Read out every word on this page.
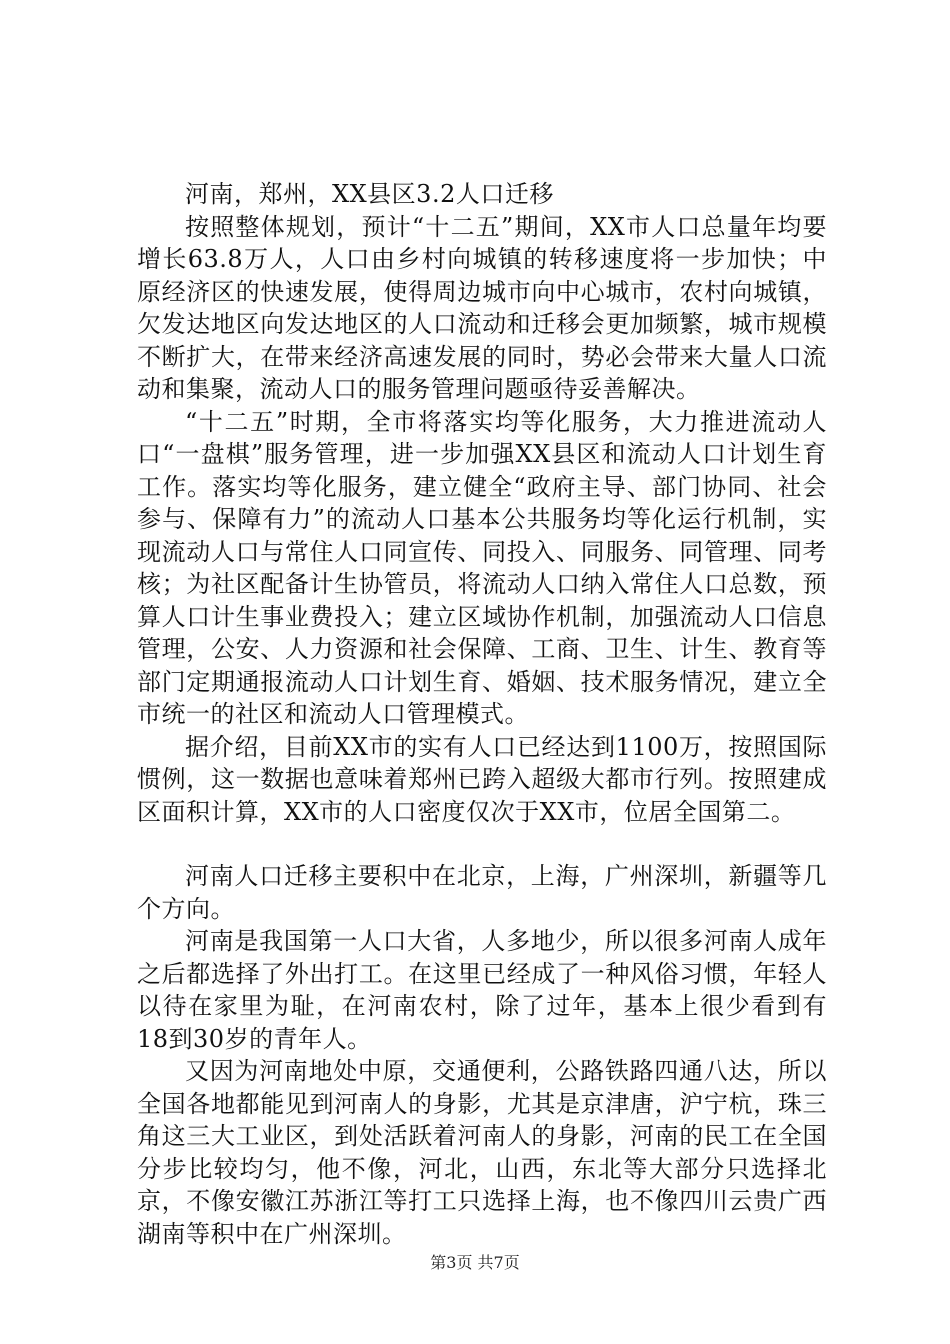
河南，郑州，XX县区3.2人口迁移

按照整体规划，预计“十二五”期间，XX市人口总量年均要增长63.8万人，人口由乡村向城镇的转移速度将一步加快；中原经济区的快速发展，使得周边城市向中心城市，农村向城镇，欠发达地区向发达地区的人口流动和迁移会更加频繁，城市规模不断扩大，在带来经济高速发展的同时，势必会带来大量人口流动和集聚，流动人口的服务管理问题亟待妥善解决。

“十二五”时期，全市将落实均等化服务，大力推进流动人口“一盘棋”服务管理，进一步加强XX县区和流动人口计划生育工作。落实均等化服务，建立健全“政府主导、部门协同、社会参与、保障有力”的流动人口基本公共服务均等化运行机制，实现流动人口与常住人口同宣传、同投入、同服务、同管理、同考核；为社区配备计生协管员，将流动人口纳入常住人口总数，预算人口计生事业费投入；建立区域协作机制，加强流动人口信息管理，公安、人力资源和社会保障、工商、卫生、计生、教育等部门定期通报流动人口计划生育、婚姻、技术服务情况，建立全市统一的社区和流动人口管理模式。

据介绍，目前XX市的实有人口已经达到1100万，按照国际惯例，这一数据也意味着郑州已跨入超级大都市行列。按照建成区面积计算，XX市的人口密度仅次于XX市，位居全国第二。

河南人口迁移主要积中在北京，上海，广州深圳，新疆等几个方向。

河南是我国第一人口大省，人多地少，所以很多河南人成年之后都选择了外出打工。在这里已经成了一种风俗习惯，年轻人以待在家里为耻，在河南农村，除了过年，基本上很少看到有18到30岁的青年人。

又因为河南地处中原，交通便利，公路铁路四通八达，所以全国各地都能见到河南人的身影，尤其是京津唐，沪宁杭，珠三角这三大工业区，到处活跃着河南人的身影，河南的民工在全国分步比较均匀，他不像，河北，山西，东北等大部分只选择北京，不像安徽江苏浙江等打工只选择上海，也不像四川云贵广西湖南等积中在广州深圳。

第3页 共7页
